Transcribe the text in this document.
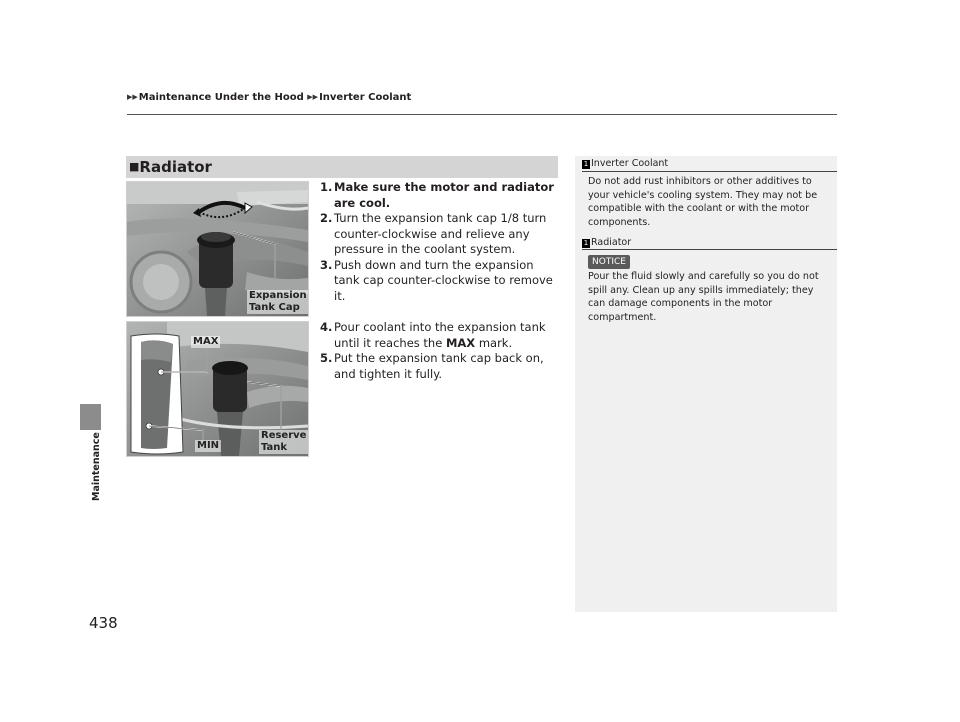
▶▶Maintenance Under the Hood ▶▶Inverter Coolant
Maintenance
438
■Radiator
Expansion
Tank Cap
MAX
MIN
Reserve
Tank
1. Make sure the motor and radiator are cool.
2. Turn the expansion tank cap 1/8 turn counter-clockwise and relieve any pressure in the coolant system.
3. Push down and turn the expansion tank cap counter-clockwise to remove it.
4. Pour coolant into the expansion tank until it reaches the MAX mark.
5. Put the expansion tank cap back on, and tighten it fully.
1 Inverter Coolant
Do not add rust inhibitors or other additives to your vehicle's cooling system. They may not be compatible with the coolant or with the motor components.
1 Radiator
NOTICE
Pour the fluid slowly and carefully so you do not spill any. Clean up any spills immediately; they can damage components in the motor compartment.
